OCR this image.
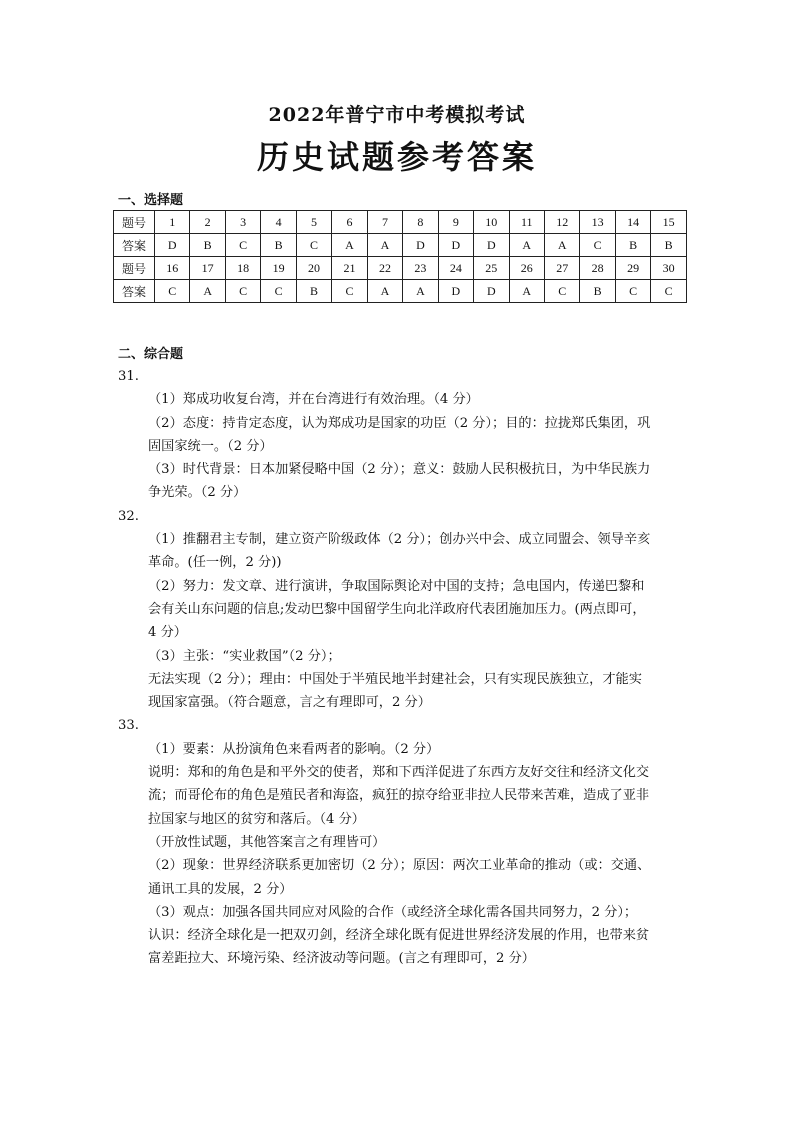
2022年普宁市中考模拟考试
历史试题参考答案
一、选择题
题号	1	2	3	4	5	6	7	8	9	10	11	12	13	14	15
答案	D	B	C	B	C	A	A	D	D	D	A	A	C	B	B
题号	16	17	18	19	20	21	22	23	24	25	26	27	28	29	30
答案	C	A	C	C	B	C	A	A	D	D	A	C	B	C	C
二、综合题
31.
（1）郑成功收复台湾，并在台湾进行有效治理。（4 分）
（2）态度：持肯定态度，认为郑成功是国家的功臣（2 分）；目的：拉拢郑氏集团，巩
固国家统一。（2 分）
（3）时代背景：日本加紧侵略中国（2 分）；意义：鼓励人民积极抗日，为中华民族力
争光荣。（2 分）
32.
（1）推翻君主专制，建立资产阶级政体（2 分）；创办兴中会、成立同盟会、领导辛亥
革命。(任一例，2 分))
（2）努力：发文章、进行演讲，争取国际舆论对中国的支持；急电国内，传递巴黎和
会有关山东问题的信息;发动巴黎中国留学生向北洋政府代表团施加压力。(两点即可，
4 分）
（3）主张：“实业救国”（2 分）；
无法实现（2 分）；理由：中国处于半殖民地半封建社会，只有实现民族独立，才能实
现国家富强。（符合题意，言之有理即可，2 分）
33.
（1）要素：从扮演角色来看两者的影响。（2 分）
说明：郑和的角色是和平外交的使者，郑和下西洋促进了东西方友好交往和经济文化交
流；而哥伦布的角色是殖民者和海盗，疯狂的掠夺给亚非拉人民带来苦难，造成了亚非
拉国家与地区的贫穷和落后。（4 分）
（开放性试题，其他答案言之有理皆可）
（2）现象：世界经济联系更加密切（2 分）；原因：两次工业革命的推动（或：交通、
通讯工具的发展，2 分）
（3）观点：加强各国共同应对风险的合作（或经济全球化需各国共同努力，2 分）；
认识：经济全球化是一把双刃剑，经济全球化既有促进世界经济发展的作用，也带来贫
富差距拉大、环境污染、经济波动等问题。(言之有理即可，2 分）
